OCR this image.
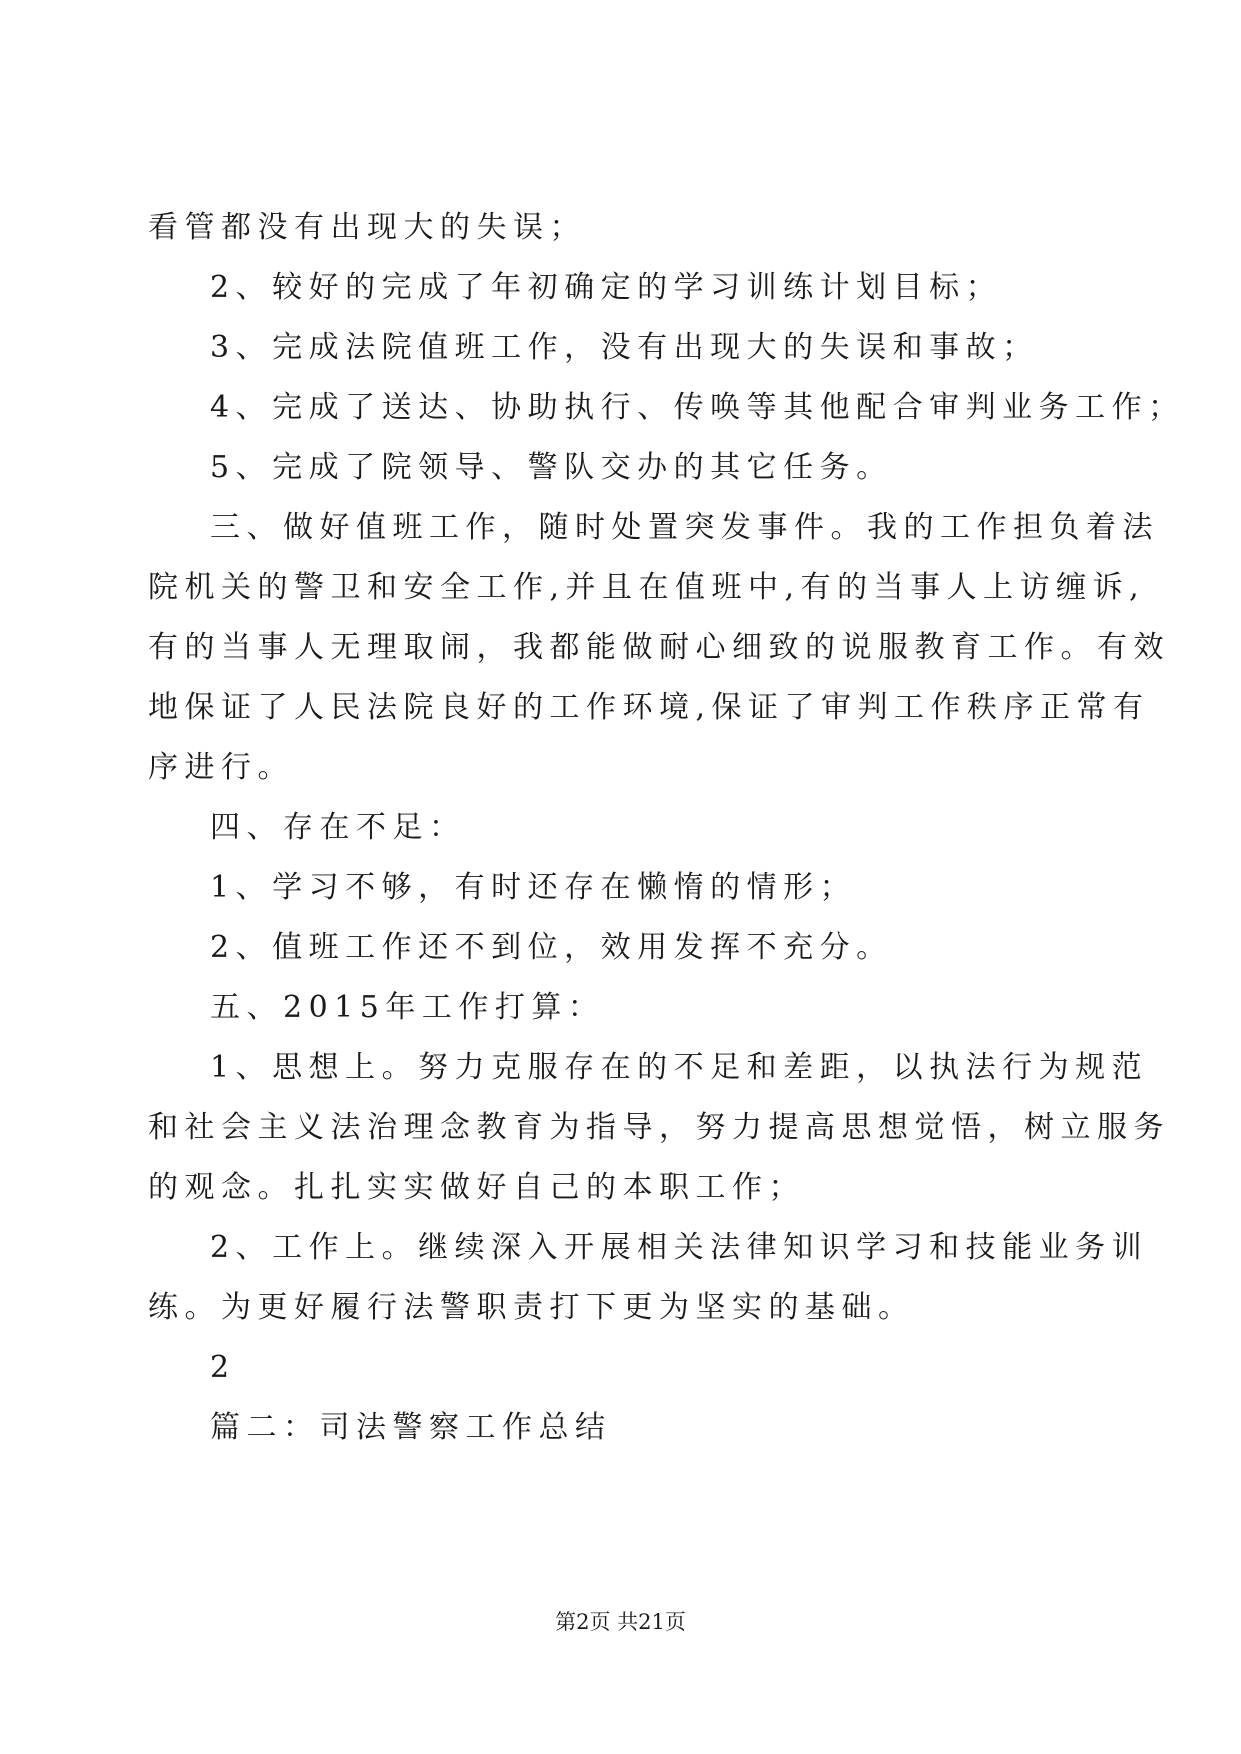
看管都没有出现大的失误；
2、较好的完成了年初确定的学习训练计划目标；
3、完成法院值班工作，没有出现大的失误和事故；
4、完成了送达、协助执行、传唤等其他配合审判业务工作；
5、完成了院领导、警队交办的其它任务。
三、做好值班工作，随时处置突发事件。我的工作担负着法
院机关的警卫和安全工作,并且在值班中,有的当事人上访缠诉,
有的当事人无理取闹，我都能做耐心细致的说服教育工作。有效
地保证了人民法院良好的工作环境,保证了审判工作秩序正常有
序进行。
四、存在不足：
1、学习不够，有时还存在懒惰的情形；
2、值班工作还不到位，效用发挥不充分。
五、2015年工作打算：
1、思想上。努力克服存在的不足和差距，以执法行为规范
和社会主义法治理念教育为指导，努力提高思想觉悟，树立服务
的观念。扎扎实实做好自己的本职工作；
2、工作上。继续深入开展相关法律知识学习和技能业务训
练。为更好履行法警职责打下更为坚实的基础。
2
篇二：司法警察工作总结
第2页 共21页
